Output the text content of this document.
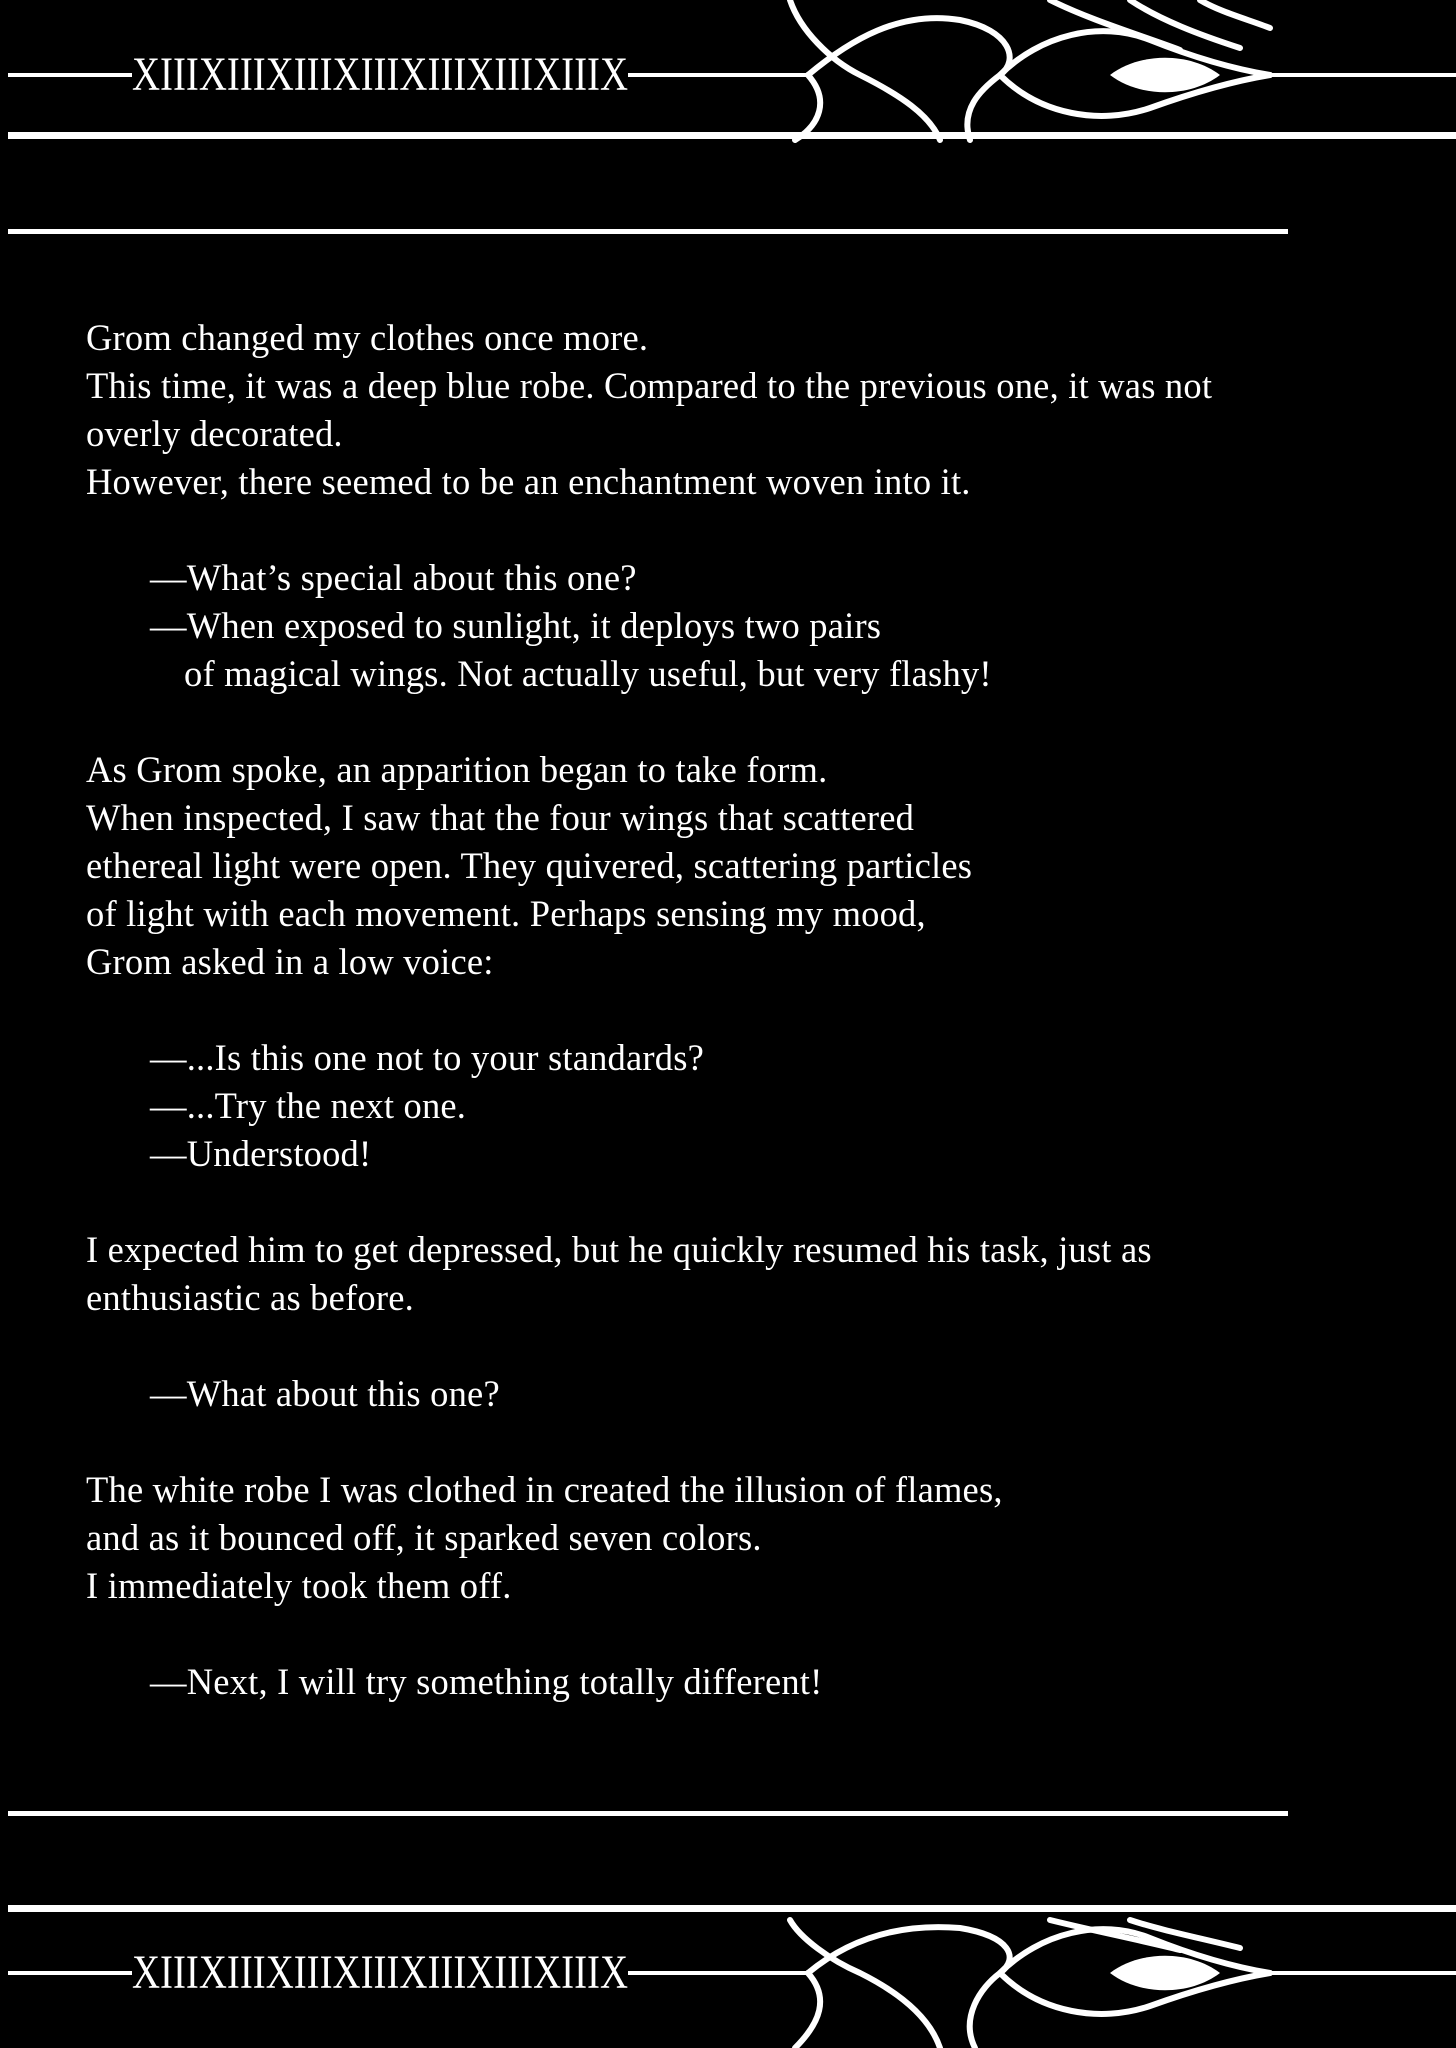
XIIIXIIIXIIIXIIIXIIIXIIIXIIIX

Grom changed my clothes once more.
This time, it was a deep blue robe. Compared to the previous one, it was not
overly decorated.
However, there seemed to be an enchantment woven into it.

—What’s special about this one?
—When exposed to sunlight, it deploys two pairs
of magical wings. Not actually useful, but very flashy!

As Grom spoke, an apparition began to take form.
When inspected, I saw that the four wings that scattered
ethereal light were open. They quivered, scattering particles
of light with each movement. Perhaps sensing my mood,
Grom asked in a low voice:

—...Is this one not to your standards?
—...Try the next one.
—Understood!

I expected him to get depressed, but he quickly resumed his task, just as
enthusiastic as before.

—What about this one?

The white robe I was clothed in created the illusion of flames,
and as it bounced off, it sparked seven colors.
I immediately took them off.

—Next, I will try something totally different!

XIIIXIIIXIIIXIIIXIIIXIIIXIIIX
